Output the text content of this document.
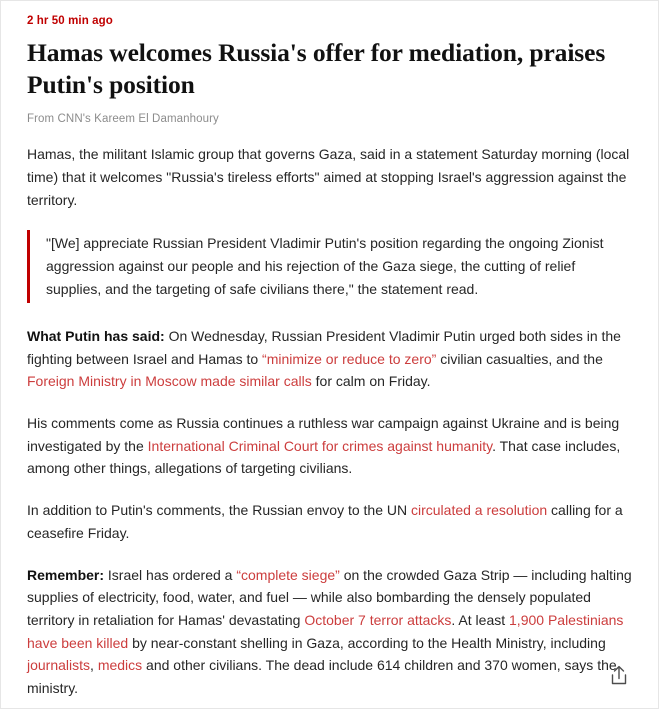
2 hr 50 min ago
Hamas welcomes Russia's offer for mediation, praises Putin's position
From CNN's Kareem El Damanhoury

Hamas, the militant Islamic group that governs Gaza, said in a statement Saturday morning (local time) that it welcomes "Russia's tireless efforts" aimed at stopping Israel's aggression against the territory.

"[We] appreciate Russian President Vladimir Putin's position regarding the ongoing Zionist aggression against our people and his rejection of the Gaza siege, the cutting of relief supplies, and the targeting of safe civilians there," the statement read.

What Putin has said: On Wednesday, Russian President Vladimir Putin urged both sides in the fighting between Israel and Hamas to “minimize or reduce to zero” civilian casualties, and the Foreign Ministry in Moscow made similar calls for calm on Friday.

His comments come as Russia continues a ruthless war campaign against Ukraine and is being investigated by the International Criminal Court for crimes against humanity. That case includes, among other things, allegations of targeting civilians.

In addition to Putin's comments, the Russian envoy to the UN circulated a resolution calling for a ceasefire Friday.

Remember: Israel has ordered a “complete siege” on the crowded Gaza Strip — including halting supplies of electricity, food, water, and fuel — while also bombarding the densely populated territory in retaliation for Hamas' devastating October 7 terror attacks. At least 1,900 Palestinians have been killed by near-constant shelling in Gaza, according to the Health Ministry, including journalists, medics and other civilians. The dead include 614 children and 370 women, says the ministry.
